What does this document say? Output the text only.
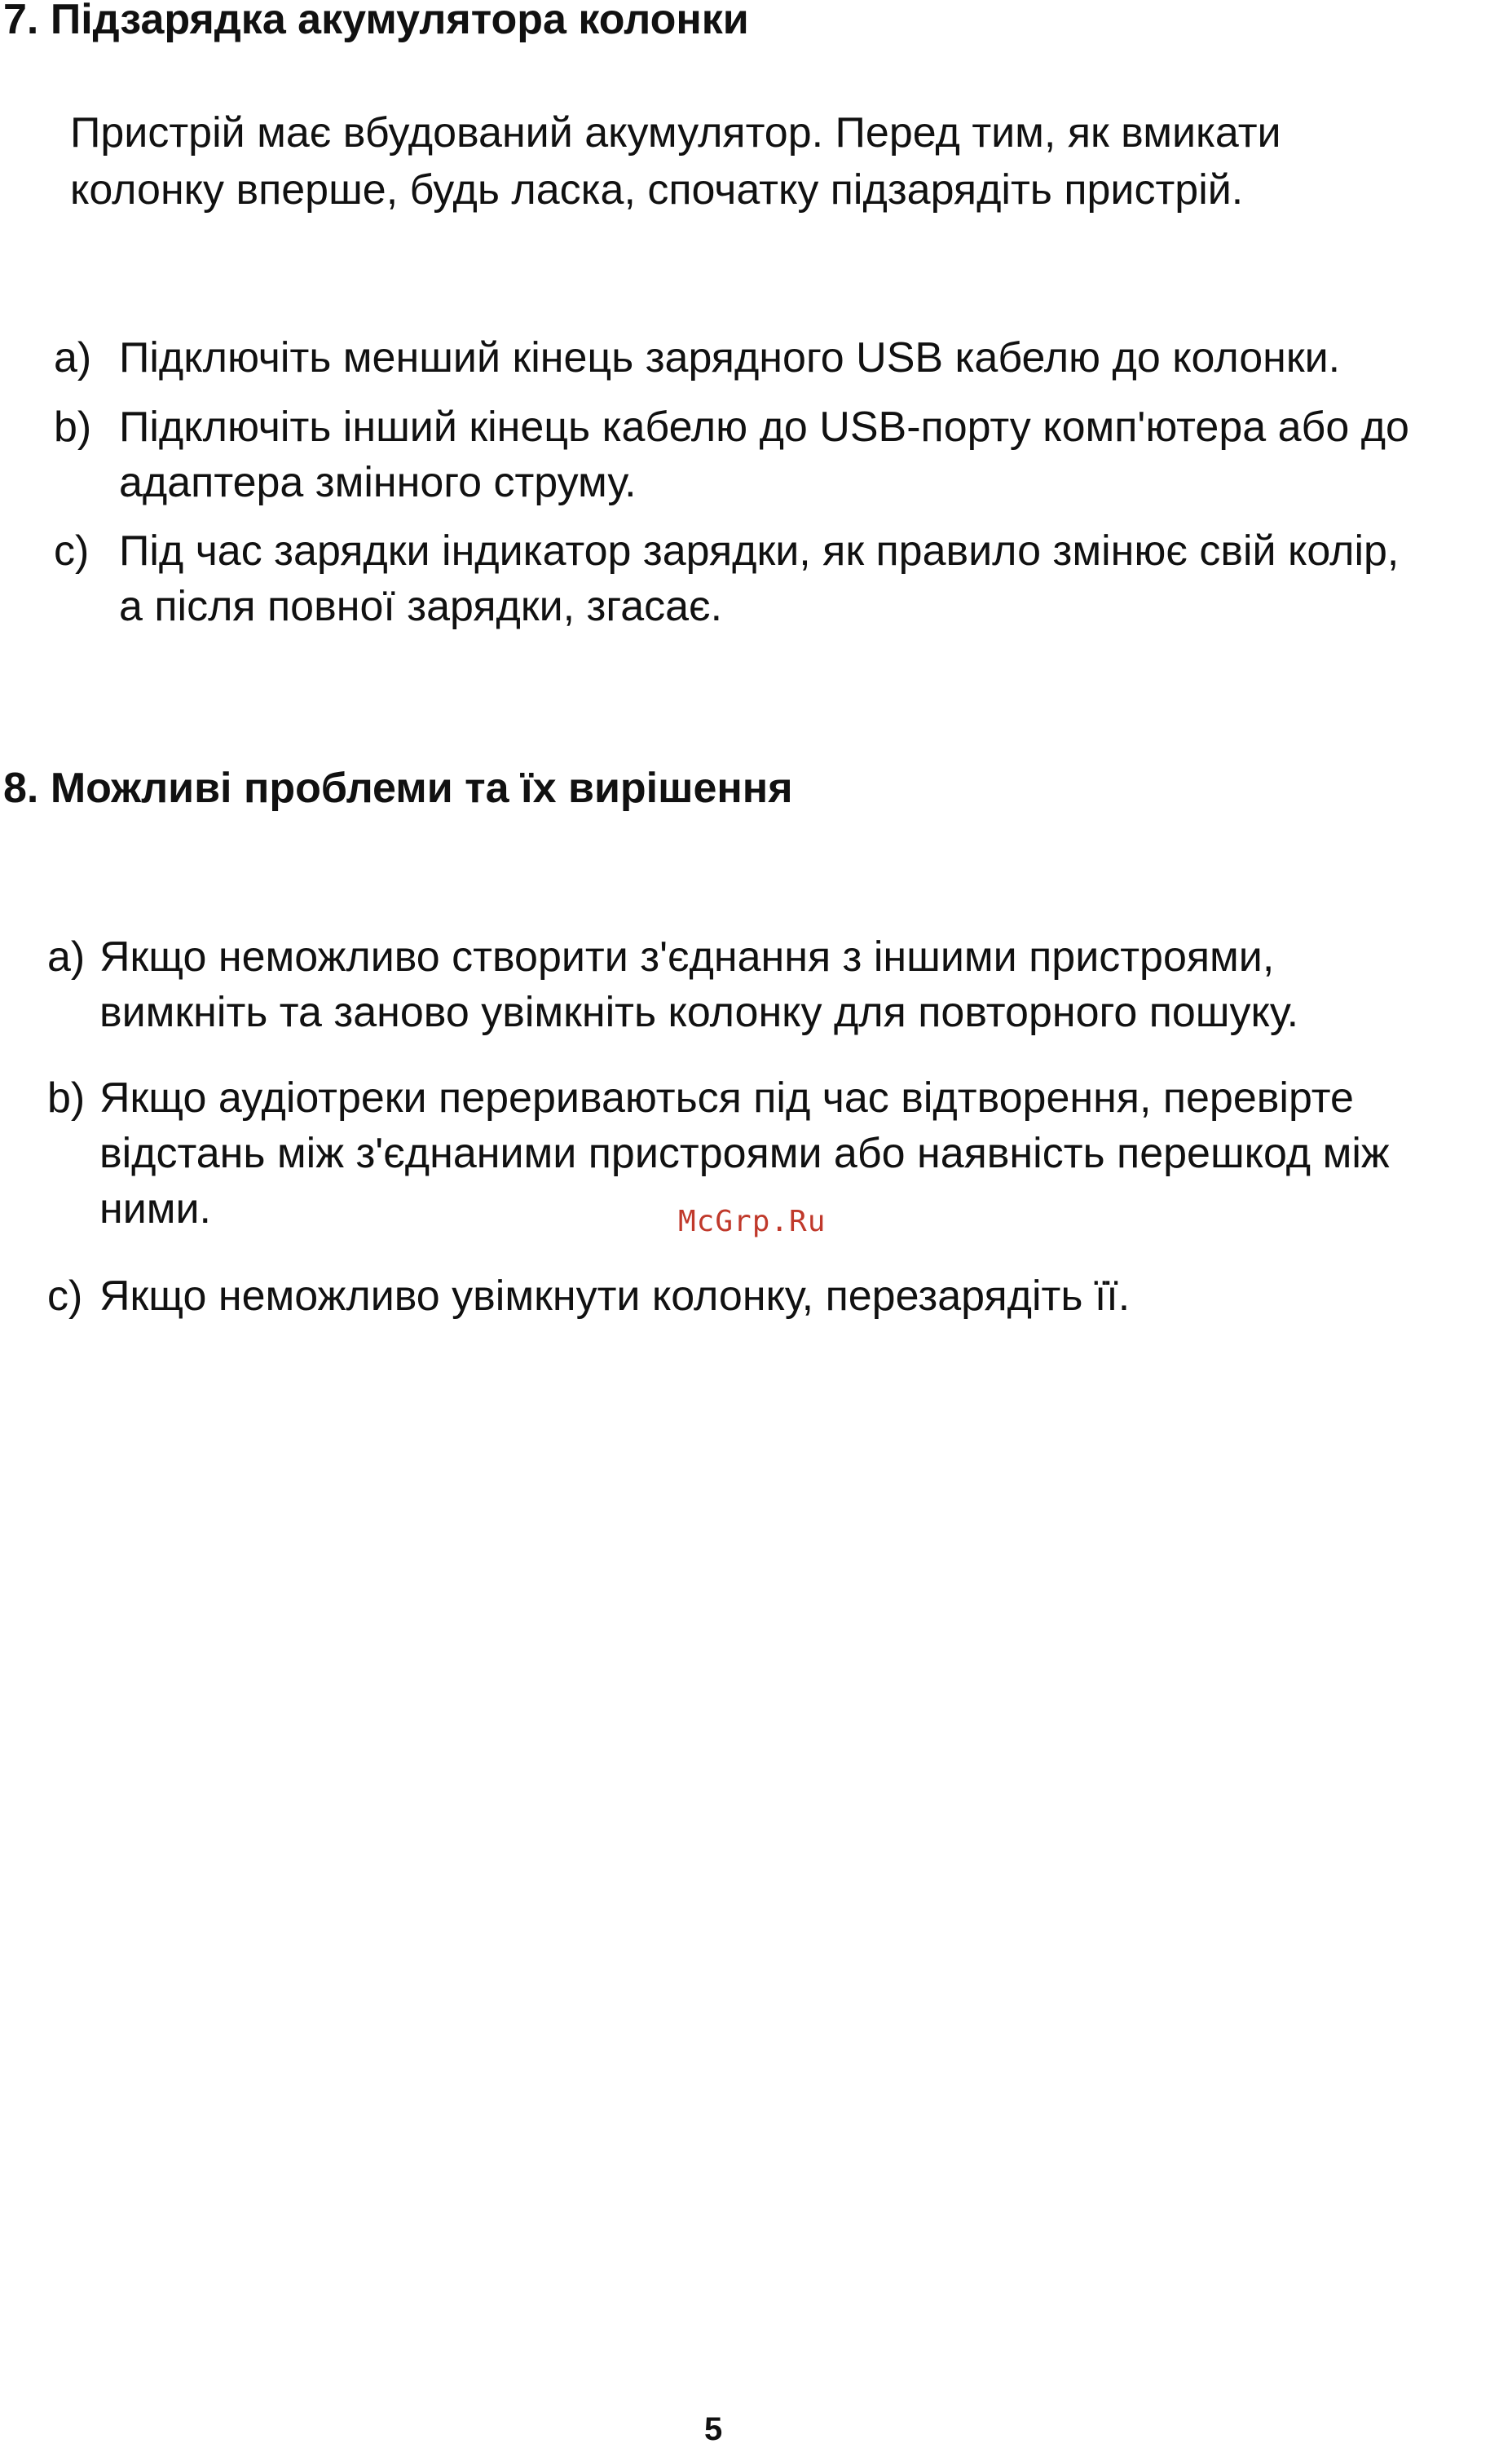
7. Підзарядка акумулятора колонки
Пристрій має вбудований акумулятор. Перед тим, як вмикати
колонку вперше, будь ласка, спочатку підзарядіть пристрій.
a) Підключіть менший кінець зарядного USB кабелю до колонки.
b) Підключіть інший кінець кабелю до USB-порту комп'ютера або до
адаптера змінного струму.
c) Під час зарядки індикатор зарядки, як правило змінює свій колір,
а після повної зарядки, згасає.
8. Можливі проблеми та їх вирішення
a) Якщо неможливо створити з'єднання з іншими пристроями,
вимкніть та заново увімкніть колонку для повторного пошуку.
b) Якщо аудіотреки перериваються під час відтворення, перевірте
відстань між з'єднаними пристроями або наявність перешкод між
ними.	McGrp.Ru
c) Якщо неможливо увімкнути колонку, перезарядіть її.
5
